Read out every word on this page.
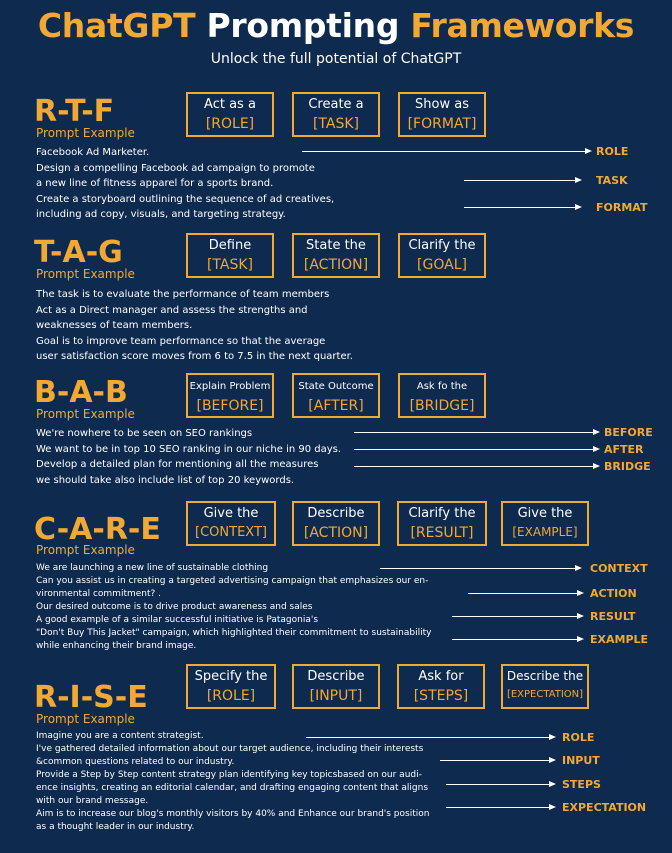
ChatGPT Prompting Frameworks
Unlock the full potential of ChatGPT
R-T-F
Prompt Example
Act as a
[ROLE]
Create a
[TASK]
Show as
[FORMAT]
Facebook Ad Marketer.
Design a compelling Facebook ad campaign to promote
a new line of fitness apparel for a sports brand.
Create a storyboard outlining the sequence of ad creatives,
including ad copy, visuals, and targeting strategy.
ROLE
TASK
FORMAT
T-A-G
Prompt Example
Define
[TASK]
State the
[ACTION]
Clarify the
[GOAL]
The task is to evaluate the performance of team members
Act as a Direct manager and assess the strengths and
weaknesses of team members.
Goal is to improve team performance so that the average
user satisfaction score moves from 6 to 7.5 in the next quarter.
B-A-B
Prompt Example
Explain Problem
[BEFORE]
State Outcome
[AFTER]
Ask fo the
[BRIDGE]
We're nowhere to be seen on SEO rankings
We want to be in top 10 SEO ranking in our niche in 90 days.
Develop a detailed plan for mentioning all the measures
we should take also include list of top 20 keywords.
BEFORE
AFTER
BRIDGE
C-A-R-E
Prompt Example
Give the
[CONTEXT]
Describe
[ACTION]
Clarify the
[RESULT]
Give the
[EXAMPLE]
We are launching a new line of sustainable clothing
Can you assist us in creating a targeted advertising campaign that emphasizes our en-
vironmental commitment? .
Our desired outcome is to drive product awareness and sales
A good example of a similar successful initiative is Patagonia's
"Don't Buy This Jacket" campaign, which highlighted their commitment to sustainability
while enhancing their brand image.
CONTEXT
ACTION
RESULT
EXAMPLE
R-I-S-E
Prompt Example
Specify the
[ROLE]
Describe
[INPUT]
Ask for
[STEPS]
Describe the
[EXPECTATION]
Imagine you are a content strategist.
I've gathered detailed information about our target audience, including their interests
&common questions related to our industry.
Provide a Step by Step content strategy plan identifying key topicsbased on our audi-
ence insights, creating an editorial calendar, and drafting engaging content that aligns
with our brand message.
Aim is to increase our blog's monthly visitors by 40% and Enhance our brand's position
as a thought leader in our industry.
ROLE
INPUT
STEPS
EXPECTATION
